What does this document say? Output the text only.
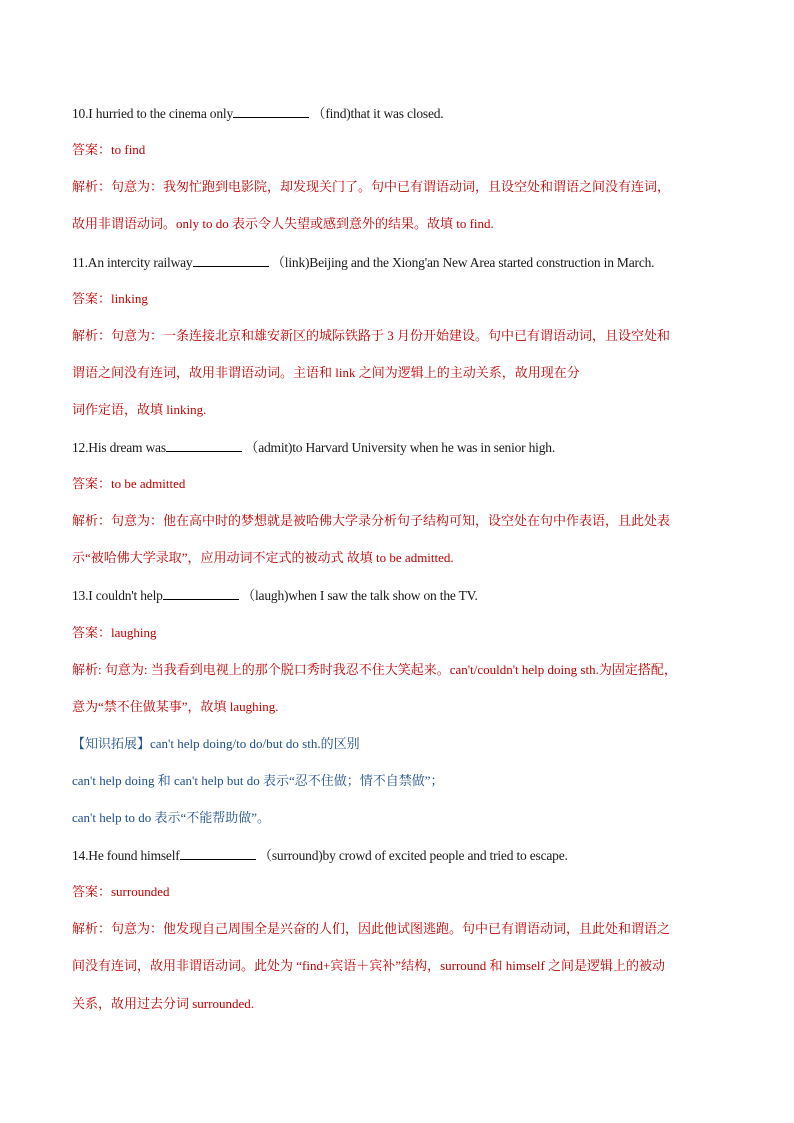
10.I hurried to the cinema only	（find)that it was closed.
答案：to find
解析：句意为：我匆忙跑到电影院，却发现关门了。句中已有谓语动词，且设空处和谓语之间没有连词，
故用非谓语动词。only to do 表示令人失望或感到意外的结果。故填 to find.
11.An intercity railway	（link)Beijing and the Xiong'an New Area started construction in March.
答案：linking
解析：句意为：一条连接北京和雄安新区的城际铁路于 3 月份开始建设。句中已有谓语动词，且设空处和
谓语之间没有连词，故用非谓语动词。主语和 link 之间为逻辑上的主动关系，故用现在分
词作定语，故填 linking.
12.His dream was	（admit)to Harvard University when he was in senior high.
答案：to be admitted
解析：句意为：他在高中时的梦想就是被哈佛大学录分析句子结构可知，设空处在句中作表语，且此处表
示“被哈佛大学录取”，应用动词不定式的被动式 故填 to be admitted.
13.I couldn't help	（laugh)when I saw the talk show on the TV.
答案：laughing
解析: 句意为: 当我看到电视上的那个脱口秀时我忍不住大笑起来。can't/couldn't help doing sth.为固定搭配，
意为“禁不住做某事”，故填 laughing.
【知识拓展】can't help doing/to do/but do sth.的区别
can't help doing 和 can't help but do 表示“忍不住做；情不自禁做”；
can't help to do 表示“不能帮助做”。
14.He found himself	（surround)by crowd of excited people and tried to escape.
答案：surrounded
解析：句意为：他发现自己周围全是兴奋的人们，因此他试图逃跑。句中已有谓语动词，且此处和谓语之
间没有连词，故用非谓语动词。此处为 “find+宾语＋宾补”结构，surround 和 himself 之间是逻辑上的被动
关系，故用过去分词 surrounded.
